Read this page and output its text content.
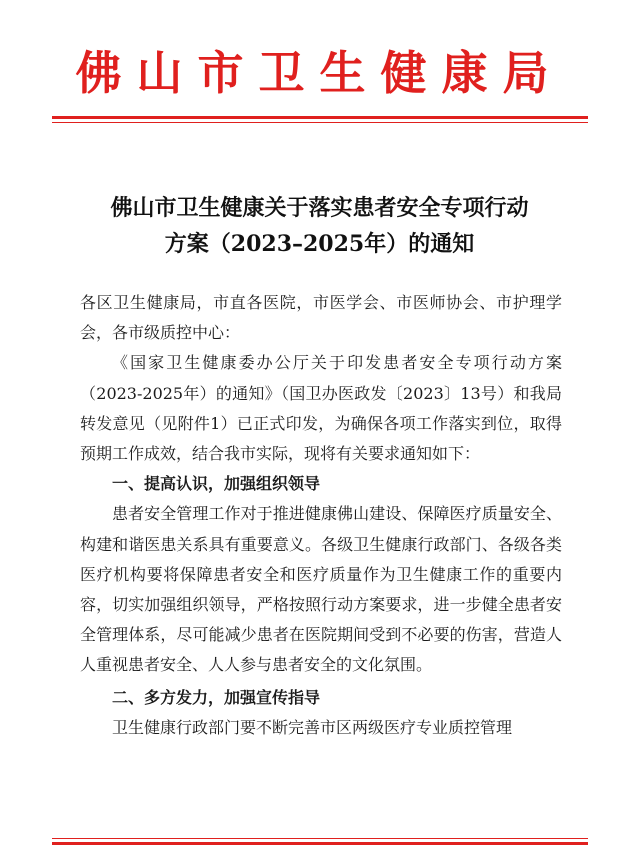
佛山市卫生健康局
佛山市卫生健康关于落实患者安全专项行动
方案（2023–2025年）的通知

各区卫生健康局，市直各医院，市医学会、市医师协会、市护理学会，各市级质控中心：

《国家卫生健康委办公厅关于印发患者安全专项行动方案（2023-2025年）的通知》（国卫办医政发〔2023〕13号）和我局转发意见（见附件1）已正式印发，为确保各项工作落实到位，取得预期工作成效，结合我市实际，现将有关要求通知如下：

一、提高认识，加强组织领导

患者安全管理工作对于推进健康佛山建设、保障医疗质量安全、构建和谐医患关系具有重要意义。各级卫生健康行政部门、各级各类医疗机构要将保障患者安全和医疗质量作为卫生健康工作的重要内容，切实加强组织领导，严格按照行动方案要求，进一步健全患者安全管理体系，尽可能减少患者在医院期间受到不必要的伤害，营造人人重视患者安全、人人参与患者安全的文化氛围。

二、多方发力，加强宣传指导

卫生健康行政部门要不断完善市区两级医疗专业质控管理
